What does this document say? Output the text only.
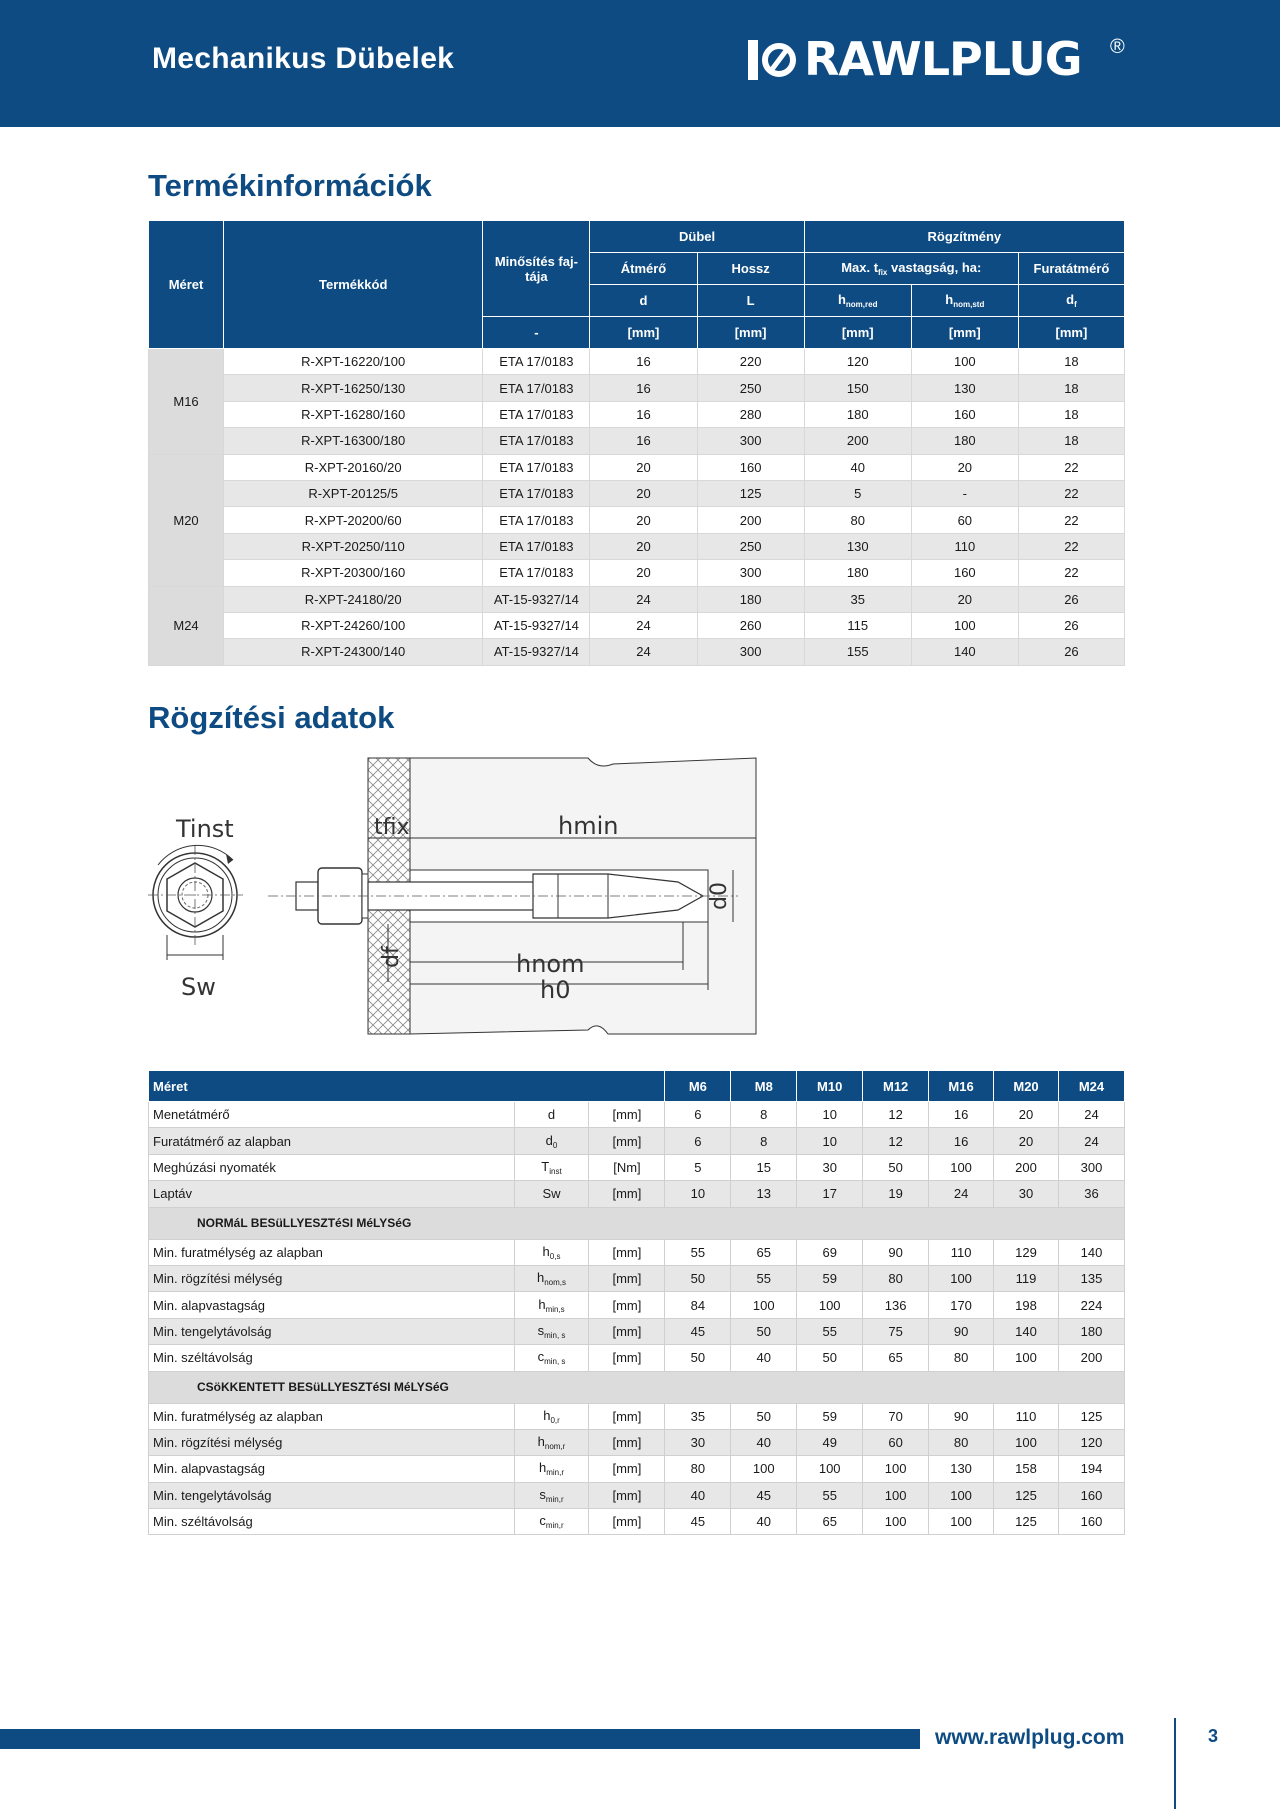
Mechanikus Dübelek	RAWLPLUG ®
Termékinformációk
Méret	Termékkód	Minősítés faj-tája	Dübel		Rögzítmény		
			Átmérő	Hossz	Max. $t_{fix}$ vastagság, ha:		Furatátmérő
			d	L	$h_{nom,red}$	$h_{nom,std}$	$d_f$
		-	[mm]	[mm]	[mm]	[mm]	[mm]
M16	R-XPT-16220/100	ETA 17/0183	16	220	120	100	18
	R-XPT-16250/130	ETA 17/0183	16	250	150	130	18
	R-XPT-16280/160	ETA 17/0183	16	280	180	160	18
	R-XPT-16300/180	ETA 17/0183	16	300	200	180	18
M20	R-XPT-20160/20	ETA 17/0183	20	160	40	20	22
	R-XPT-20125/5	ETA 17/0183	20	125	5	-	22
	R-XPT-20200/60	ETA 17/0183	20	200	80	60	22
	R-XPT-20250/110	ETA 17/0183	20	250	130	110	22
	R-XPT-20300/160	ETA 17/0183	20	300	180	160	22
M24	R-XPT-24180/20	AT-15-9327/14	24	180	35	20	26
	R-XPT-24260/100	AT-15-9327/14	24	260	115	100	26
	R-XPT-24300/140	AT-15-9327/14	24	300	155	140	26
Rögzítési adatok
Tinst
Sw
tfix	hmin
hnom
h0
d0
df
Méret			M6	M8	M10	M12	M16	M20	M24
Menetátmérő	d	[mm]	6	8	10	12	16	20	24
Furatátmérő az alapban	$d_0$	[mm]	6	8	10	12	16	20	24
Meghúzási nyomaték	$T_{inst}$	[Nm]	5	15	30	50	100	200	300
Laptáv	Sw	[mm]	10	13	17	19	24	30	36
NORMáL BESüLLYESZTéSI MéLYSéG									
Min. furatmélység az alapban	$h_{0,s}$	[mm]	55	65	69	90	110	129	140
Min. rögzítési mélység	$h_{nom,s}$	[mm]	50	55	59	80	100	119	135
Min. alapvastagság	$h_{min,s}$	[mm]	84	100	100	136	170	198	224
Min. tengelytávolság	$s_{min, s}$	[mm]	45	50	55	75	90	140	180
Min. széltávolság	$c_{min, s}$	[mm]	50	40	50	65	80	100	200
CSöKKENTETT BESüLLYESZTéSI MéLYSéG									
Min. furatmélység az alapban	$h_{0,r}$	[mm]	35	50	59	70	90	110	125
Min. rögzítési mélység	$h_{nom,r}$	[mm]	30	40	49	60	80	100	120
Min. alapvastagság	$h_{min,r}$	[mm]	80	100	100	100	130	158	194
Min. tengelytávolság	$s_{min,r}$	[mm]	40	45	55	100	100	125	160
Min. széltávolság	$c_{min,r}$	[mm]	45	40	65	100	100	125	160
www.rawlplug.com	3
